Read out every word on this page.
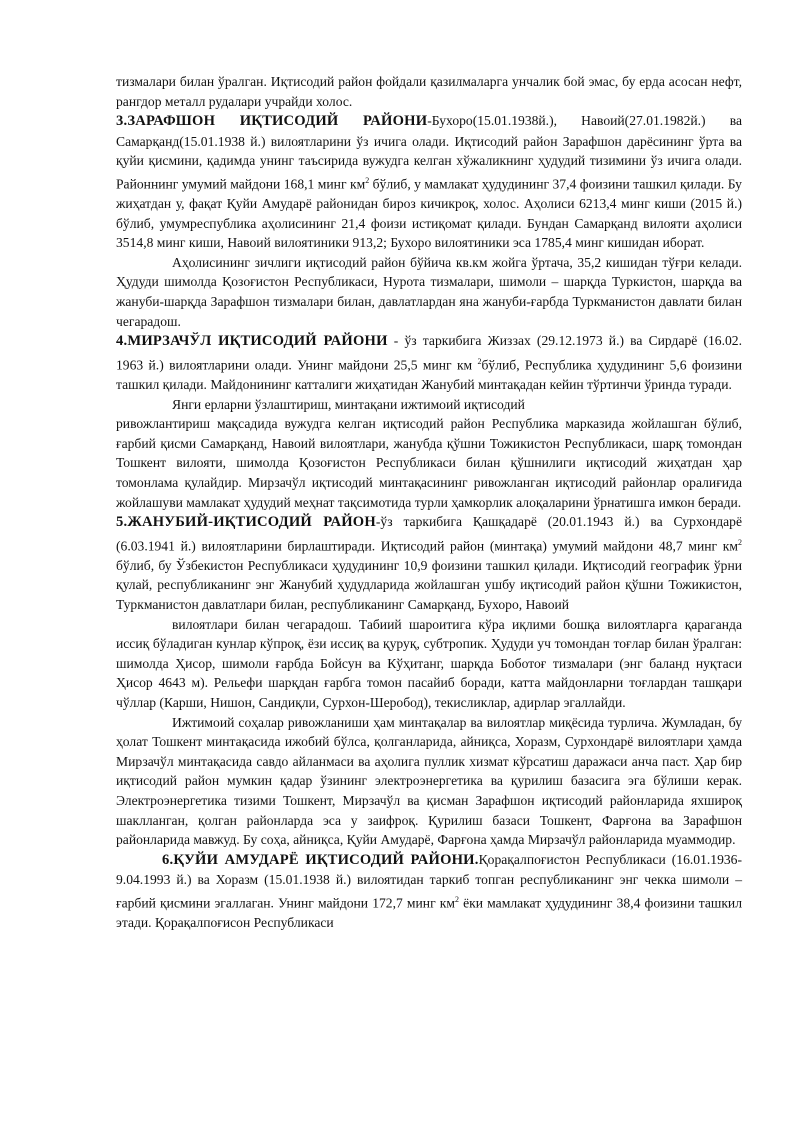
тизмалари билан ўралган. Иқтисодий район фойдали қазилмаларга унчалик бой эмас, бу ерда асосан нефт, рангдор металл рудалари учрайди холос.

3.ЗАРАФШОН ИҚТИСОДИЙ РАЙОНИ-Бухоро(15.01.1938й.), Навоий(27.01.1982й.) ва Самарқанд(15.01.1938 й.) вилоятларини ўз ичига олади. Иқтисодий район Зарафшон дарёсининг ўрта ва қуйи қисмини, қадимда унинг таъсирида вужудга келган хўжаликнинг ҳудудий тизимини ўз ичига олади. Районнинг умумий майдони 168,1 минг $км^2$ бўлиб, у мамлакат ҳудудининг 37,4 фоизини ташкил қилади. Бу жиҳатдан у, фақат Қуйи Амударё районидан бироз кичикроқ, холос. Аҳолиси 6213,4 минг киши (2015 й.) бўлиб, умумреспублика аҳолисининг 21,4 фоизи истиқомат қилади. Бундан Самарқанд вилояти аҳолиси 3514,8 минг киши, Навоий вилоятиники 913,2; Бухоро вилоятиники эса 1785,4 минг кишидан иборат.

Аҳолисининг зичлиги иқтисодий район бўйича кв.км жойга ўртача, 35,2 кишидан тўғри келади. Ҳудуди шимолда Қозоғистон Республикаси, Нурота тизмалари, шимоли – шарқда Туркистон, шарқда ва жануби-шарқда Зарафшон тизмалари билан, давлатлардан яна жануби-ғарбда Туркманистон давлати билан чегарадош.

4.МИРЗАЧЎЛ ИҚТИСОДИЙ РАЙОНИ - ўз таркибига Жиззах (29.12.1973 й.) ва Сирдарё (16.02. 1963 й.) вилоятларини олади. Унинг майдони 25,5 минг км $^2$бўлиб, Республика ҳудудининг 5,6 фоизини ташкил қилади. Майдонининг катталиги жиҳатидан Жанубий минтақадан кейин тўртинчи ўринда туради.

Янги ерларни ўзлаштириш, минтақани ижтимоий иқтисодий

ривожлантириш мақсадида вужудга келган иқтисодий район Республика марказида жойлашган бўлиб, ғарбий қисми Самарқанд, Навоий вилоятлари, жанубда қўшни Тожикистон Республикаси, шарқ томондан Тошкент вилояти, шимолда Қозоғистон Республикаси билан қўшнилиги иқтисодий жиҳатдан ҳар томонлама қулайдир. Мирзачўл иқтисодий минтақасининг ривожланган иқтисодий районлар оралиғида жойлашуви мамлакат ҳудудий меҳнат тақсимотида турли ҳамкорлик алоқаларини ўрнатишга имкон беради.

5.ЖАНУБИЙ-ИҚТИСОДИЙ РАЙОН-ўз таркибига Қашқадарё (20.01.1943 й.) ва Сурхондарё (6.03.1941 й.) вилоятларини бирлаштиради. Иқтисодий район (минтақа) умумий майдони 48,7 минг $км^2$ бўлиб, бу Ўзбекистон Республикаси ҳудудининг 10,9 фоизини ташкил қилади. Иқтисодий географик ўрни қулай, республиканинг энг Жанубий ҳудудларида жойлашган ушбу иқтисодий район қўшни Тожикистон, Туркманистон давлатлари билан, республиканинг Самарқанд, Бухоро, Навоий

вилоятлари билан чегарадош. Табиий шароитига кўра иқлими бошқа вилоятларга қараганда иссиқ бўладиган кунлар кўпроқ, ёзи иссиқ ва қуруқ, субтропик. Ҳудуди уч томондан тоғлар билан ўралган: шимолда Ҳисор, шимоли ғарбда Бойсун ва Кўҳитанг, шарқда Боботоғ тизмалари (энг баланд нуқтаси Ҳисор 4643 м). Рельефи шарқдан ғарбга томон пасайиб боради, катта майдонларни тоғлардан ташқари чўллар (Карши, Нишон, Сандиқли, Сурхон-Шеробод), текисликлар, адирлар эгаллайди.

Ижтимоий соҳалар ривожланиши ҳам минтақалар ва вилоятлар миқёсида турлича. Жумладан, бу ҳолат Тошкент минтақасида ижобий бўлса, қолганларида, айниқса, Хоразм, Сурхондарё вилоятлари ҳамда Мирзачўл минтақасида савдо айланмаси ва аҳолига пуллик хизмат кўрсатиш даражаси анча паст. Ҳар бир иқтисодий район мумкин қадар ўзининг электроэнергетика ва қурилиш базасига эга бўлиши керак. Электроэнергетика тизими Тошкент, Мирзачўл ва қисман Зарафшон иқтисодий районларида яхшироқ шаклланган, қолган районларда эса у заифроқ. Қурилиш базаси Тошкент, Фарғона ва Зарафшон районларида мавжуд. Бу соҳа, айниқса, Қуйи Амударё, Фарғона ҳамда Мирзачўл районларида муаммодир.

6.ҚУЙИ АМУДАРЁ ИҚТИСОДИЙ РАЙОНИ.Қорақалпоғистон Республикаси (16.01.1936-9.04.1993 й.) ва Хоразм (15.01.1938 й.) вилоятидан таркиб топган республиканинг энг чекка шимоли – ғарбий қисмини эгаллаган. Унинг майдони 172,7 минг $км^2$ ёки мамлакат ҳудудининг 38,4 фоизини ташкил этади. Қорақалпоғисон Республикаси
